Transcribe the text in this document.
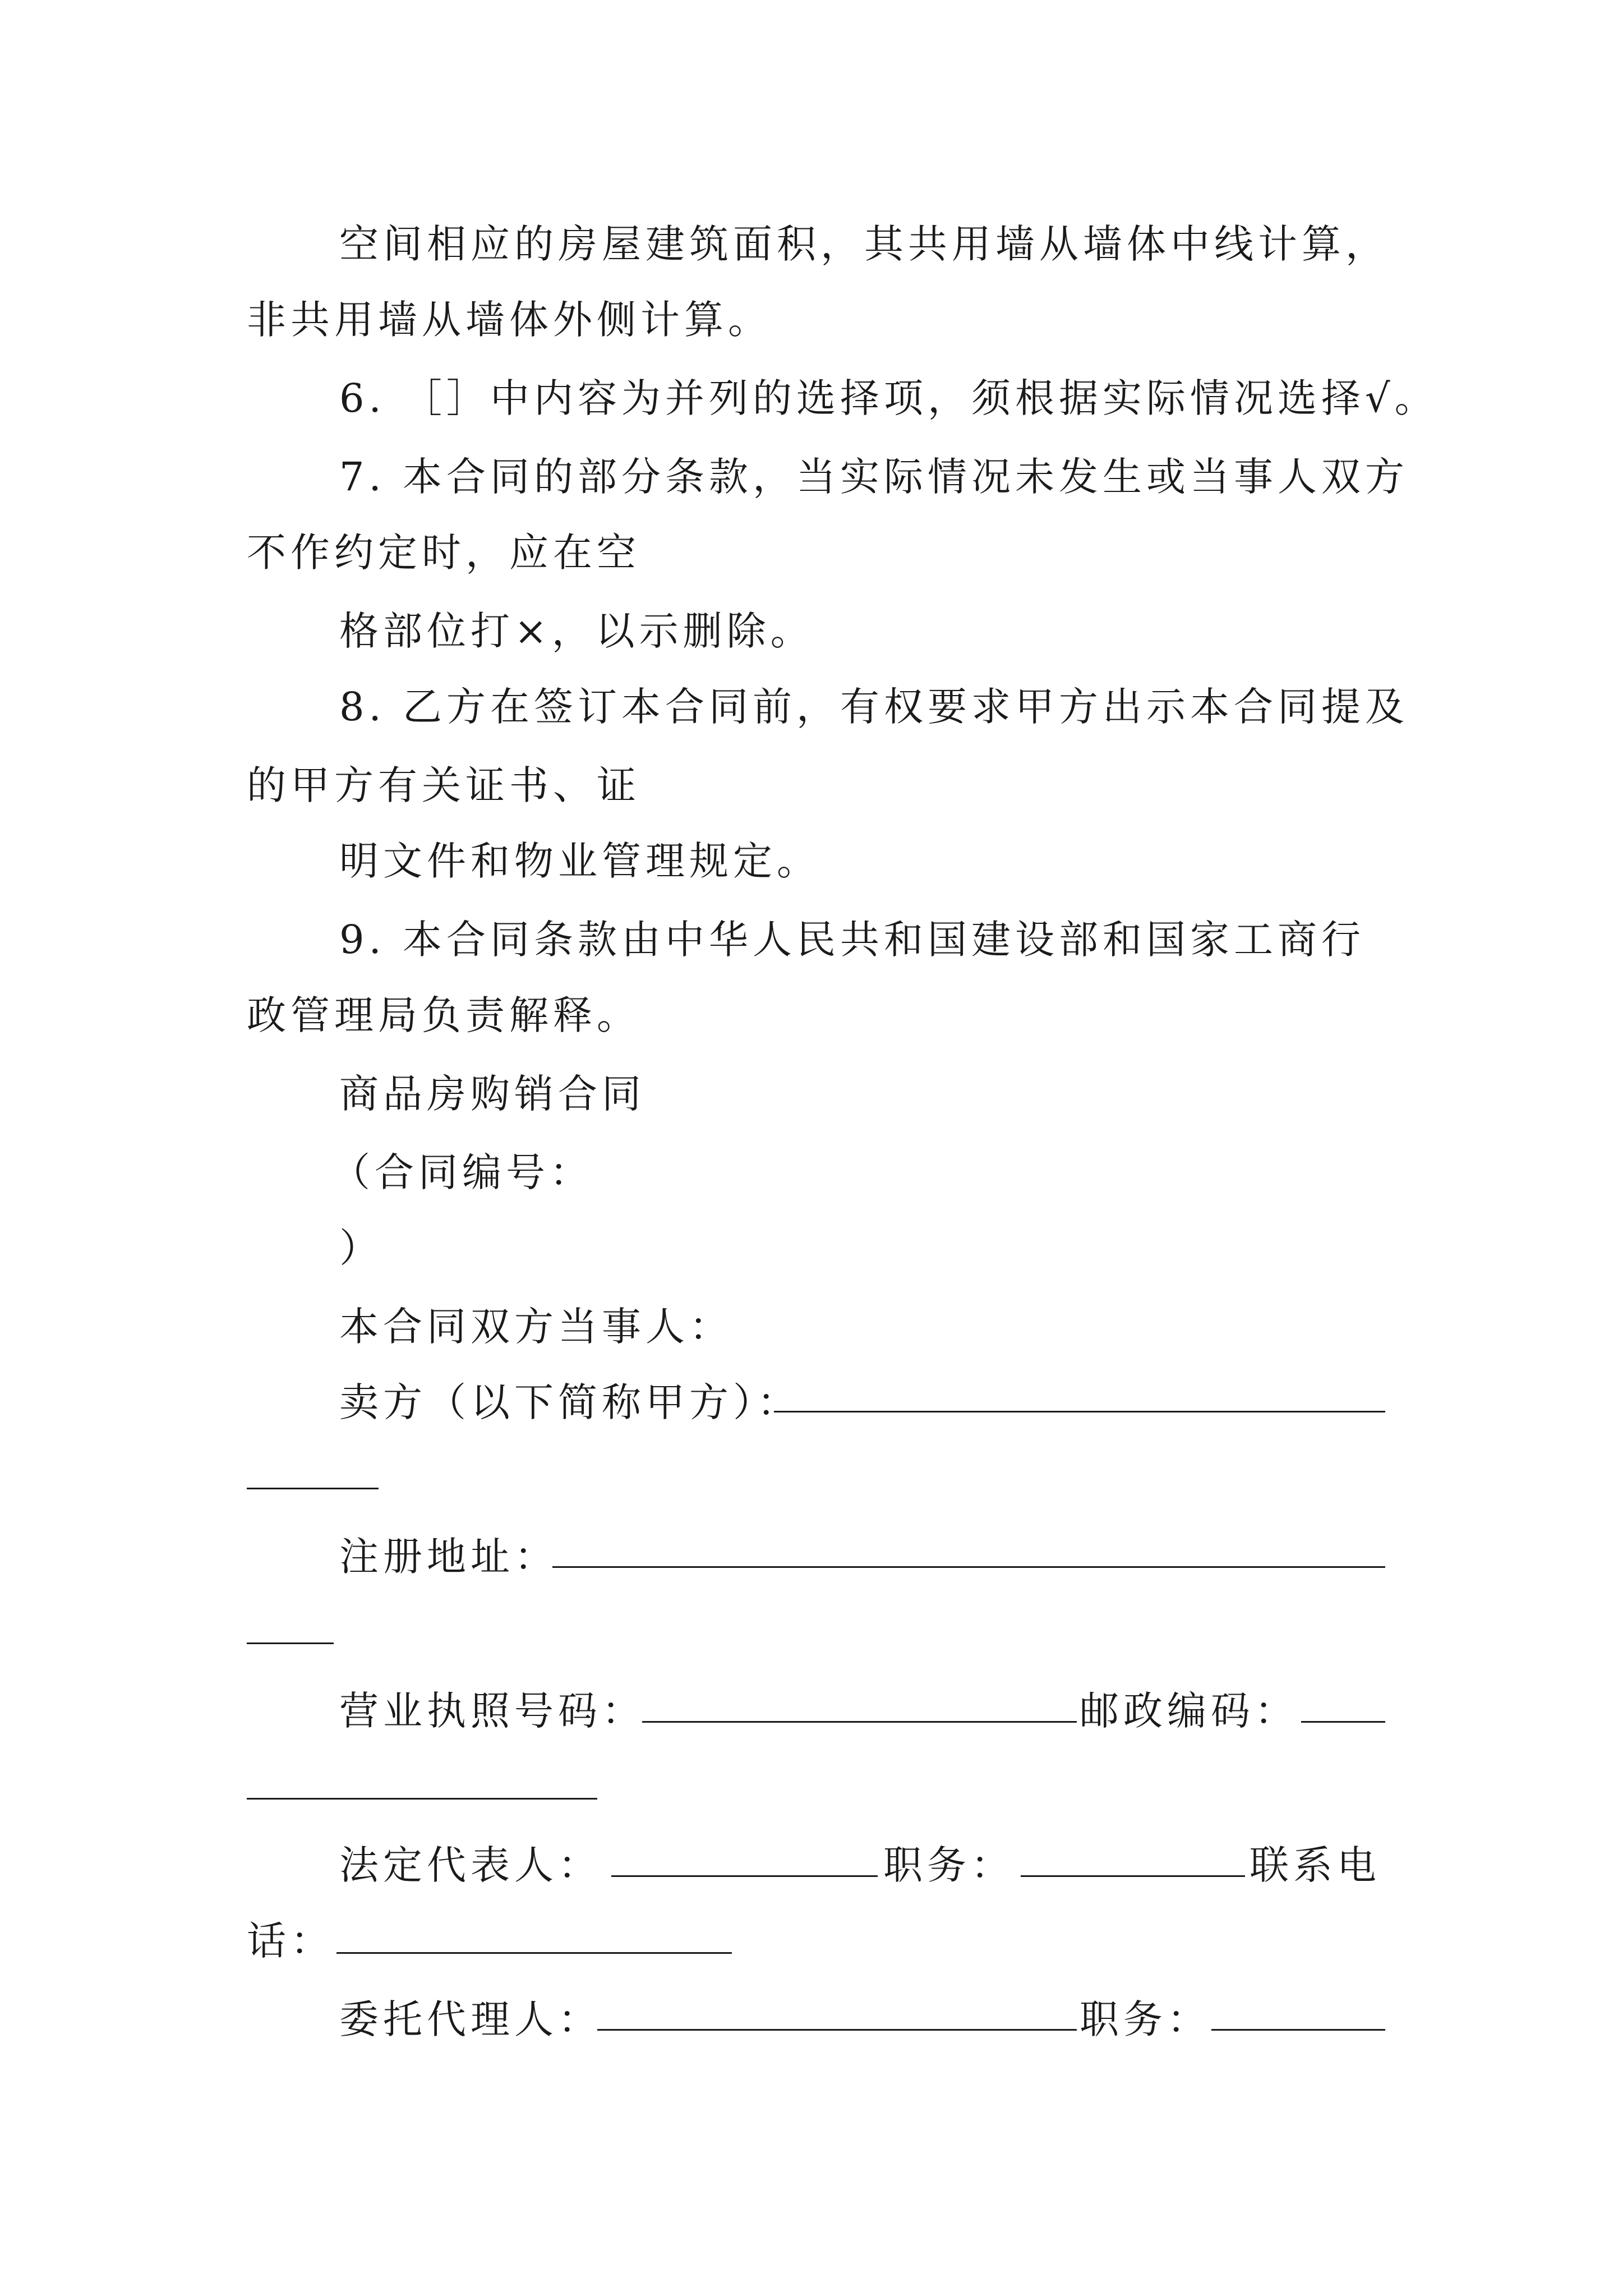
空间相应的房屋建筑面积，其共用墙从墙体中线计算，
非共用墙从墙体外侧计算。
6. ［］中内容为并列的选择项，须根据实际情况选择√。
7. 本合同的部分条款，当实际情况未发生或当事人双方
不作约定时，应在空
格部位打×，以示删除。
8. 乙方在签订本合同前，有权要求甲方出示本合同提及
的甲方有关证书、证
明文件和物业管理规定。
9. 本合同条款由中华人民共和国建设部和国家工商行
政管理局负责解释。
商品房购销合同
（合同编号：
）
本合同双方当事人：
卖方（以下简称甲方）：
注册地址：
营业执照号码：	邮政编码：
法定代表人：	职务：	联系电
话：
委托代理人：	职务：
